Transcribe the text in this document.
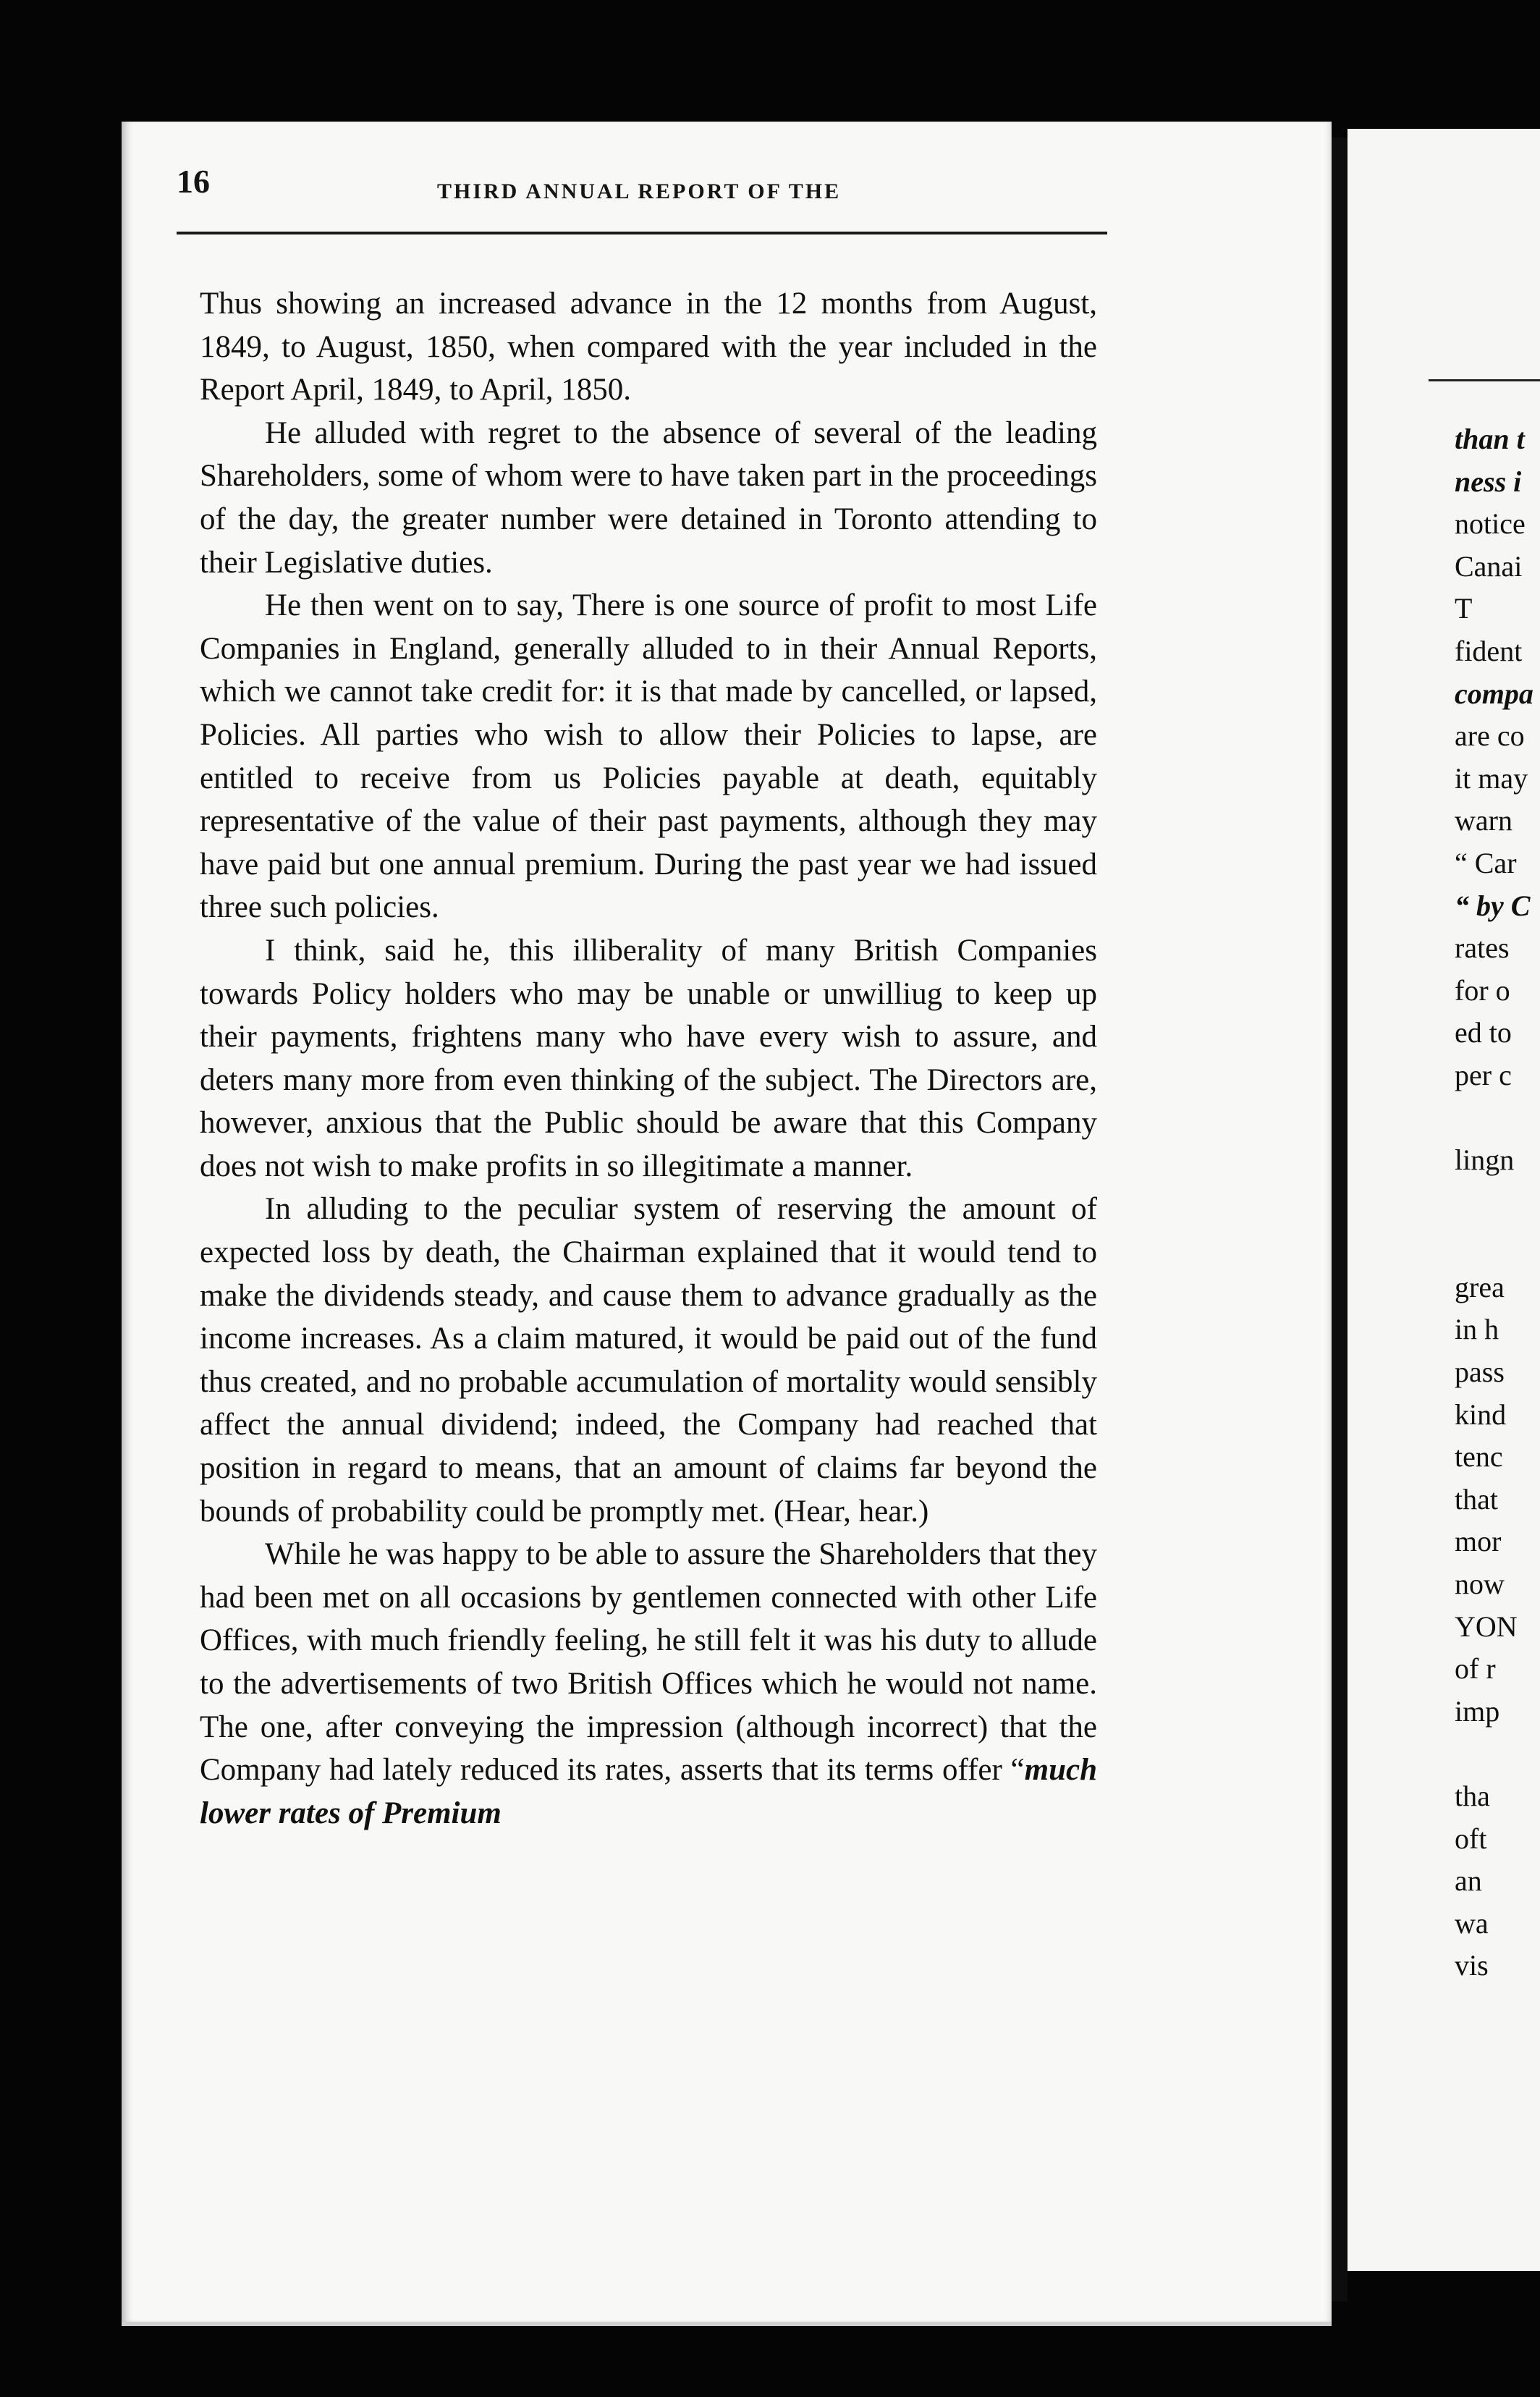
16	THIRD ANNUAL REPORT OF THE

Thus showing an increased advance in the 12 months from August, 1849, to August, 1850, when compared with the year included in the Report April, 1849, to April, 1850.

He alluded with regret to the absence of several of the leading Shareholders, some of whom were to have taken part in the proceedings of the day, the greater number were detained in Toronto attending to their Legislative duties.

He then went on to say, There is one source of profit to most Life Companies in England, generally alluded to in their Annual Reports, which we cannot take credit for: it is that made by cancelled, or lapsed, Policies. All parties who wish to allow their Policies to lapse, are entitled to receive from us Policies payable at death, equitably representative of the value of their past payments, although they may have paid but one annual premium. During the past year we had issued three such policies.

I think, said he, this illiberality of many British Companies towards Policy holders who may be unable or unwilliug to keep up their payments, frightens many who have every wish to assure, and deters many more from even thinking of the subject. The Directors are, however, anxious that the Public should be aware that this Company does not wish to make profits in so illegitimate a manner.

In alluding to the peculiar system of reserving the amount of expected loss by death, the Chairman explained that it would tend to make the dividends steady, and cause them to advance gradually as the income increases. As a claim matured, it would be paid out of the fund thus created, and no probable accumulation of mortality would sensibly affect the annual dividend; indeed, the Company had reached that position in regard to means, that an amount of claims far beyond the bounds of probability could be promptly met. (Hear, hear.)

While he was happy to be able to assure the Shareholders that they had been met on all occasions by gentlemen connected with other Life Offices, with much friendly feeling, he still felt it was his duty to allude to the advertisements of two British Offices which he would not name. The one, after conveying the impression (although incorrect) that the Company had lately reduced its rates, asserts that its terms offer “much lower rates of Premium

than t
ness i
notice
Canai
T
fident
compa
are co
it may
warn
“ Car
“ by C
rates
for o
ed to
per c
lingn
grea
in h
pass
kind
tenc
that
mor
now
YON
of r
imp
tha
oft
an
wa
vis
